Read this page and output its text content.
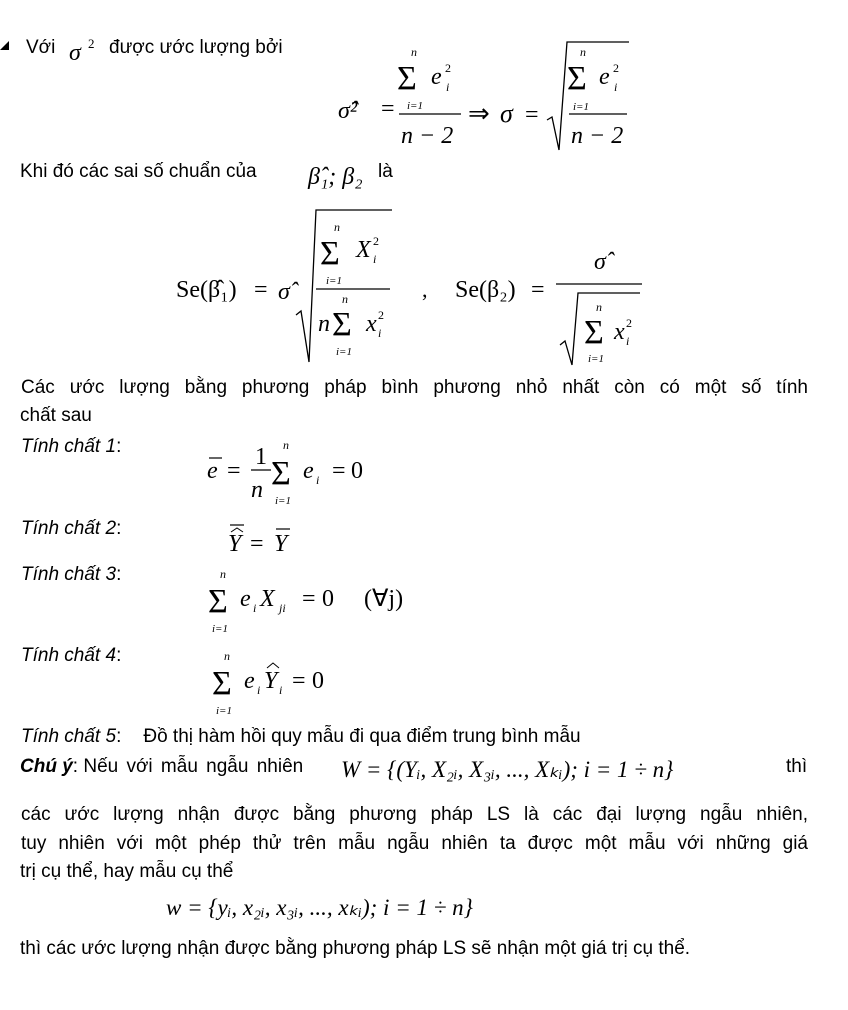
Với σ 2 được ước lượng bởi
σ̂² =
n
Σ
i=1
e 2
i
n − 2
⇒ σ =
n
Σ
i=1
e 2
i
n − 2
Khi đó các sai số chuẩn của β̂₁; β₂ là
Se(β̂₁) = σ̂
n
Σ
i=1
X 2
i
n
n
Σ
i=1
x 2
i
, Se(β₂) =
σ̂
n
Σ
i=1
x 2
i
Các ước lượng bằng phương pháp bình phương nhỏ nhất còn có một số tính
chất sau
Tính chất 1:
e =
1
n
n
Σ
i=1
e i = 0
Tính chất 2:
Y = Y
Tính chất 3:	n
Σ
i=1
e i X ji = 0 (∀j)
Tính chất 4:	n
Σ
i=1
e i Y i = 0
Tính chất 5: Đồ thị hàm hồi quy mẫu đi qua điểm trung bình mẫu
Chú ý: Nếu với mẫu ngẫu nhiên W = {(Yᵢ, X₂ᵢ, X₃ᵢ, ..., Xₖᵢ); i = 1 ÷ n}	thì
các ước lượng nhận được bằng phương pháp LS là các đại lượng ngẫu nhiên,
tuy nhiên với một phép thử trên mẫu ngẫu nhiên ta được một mẫu với những giá
trị cụ thể, hay mẫu cụ thể
w = {yᵢ, x₂ᵢ, x₃ᵢ, ..., xₖᵢ); i = 1 ÷ n}
thì các ước lượng nhận được bằng phương pháp LS sẽ nhận một giá trị cụ thể.
